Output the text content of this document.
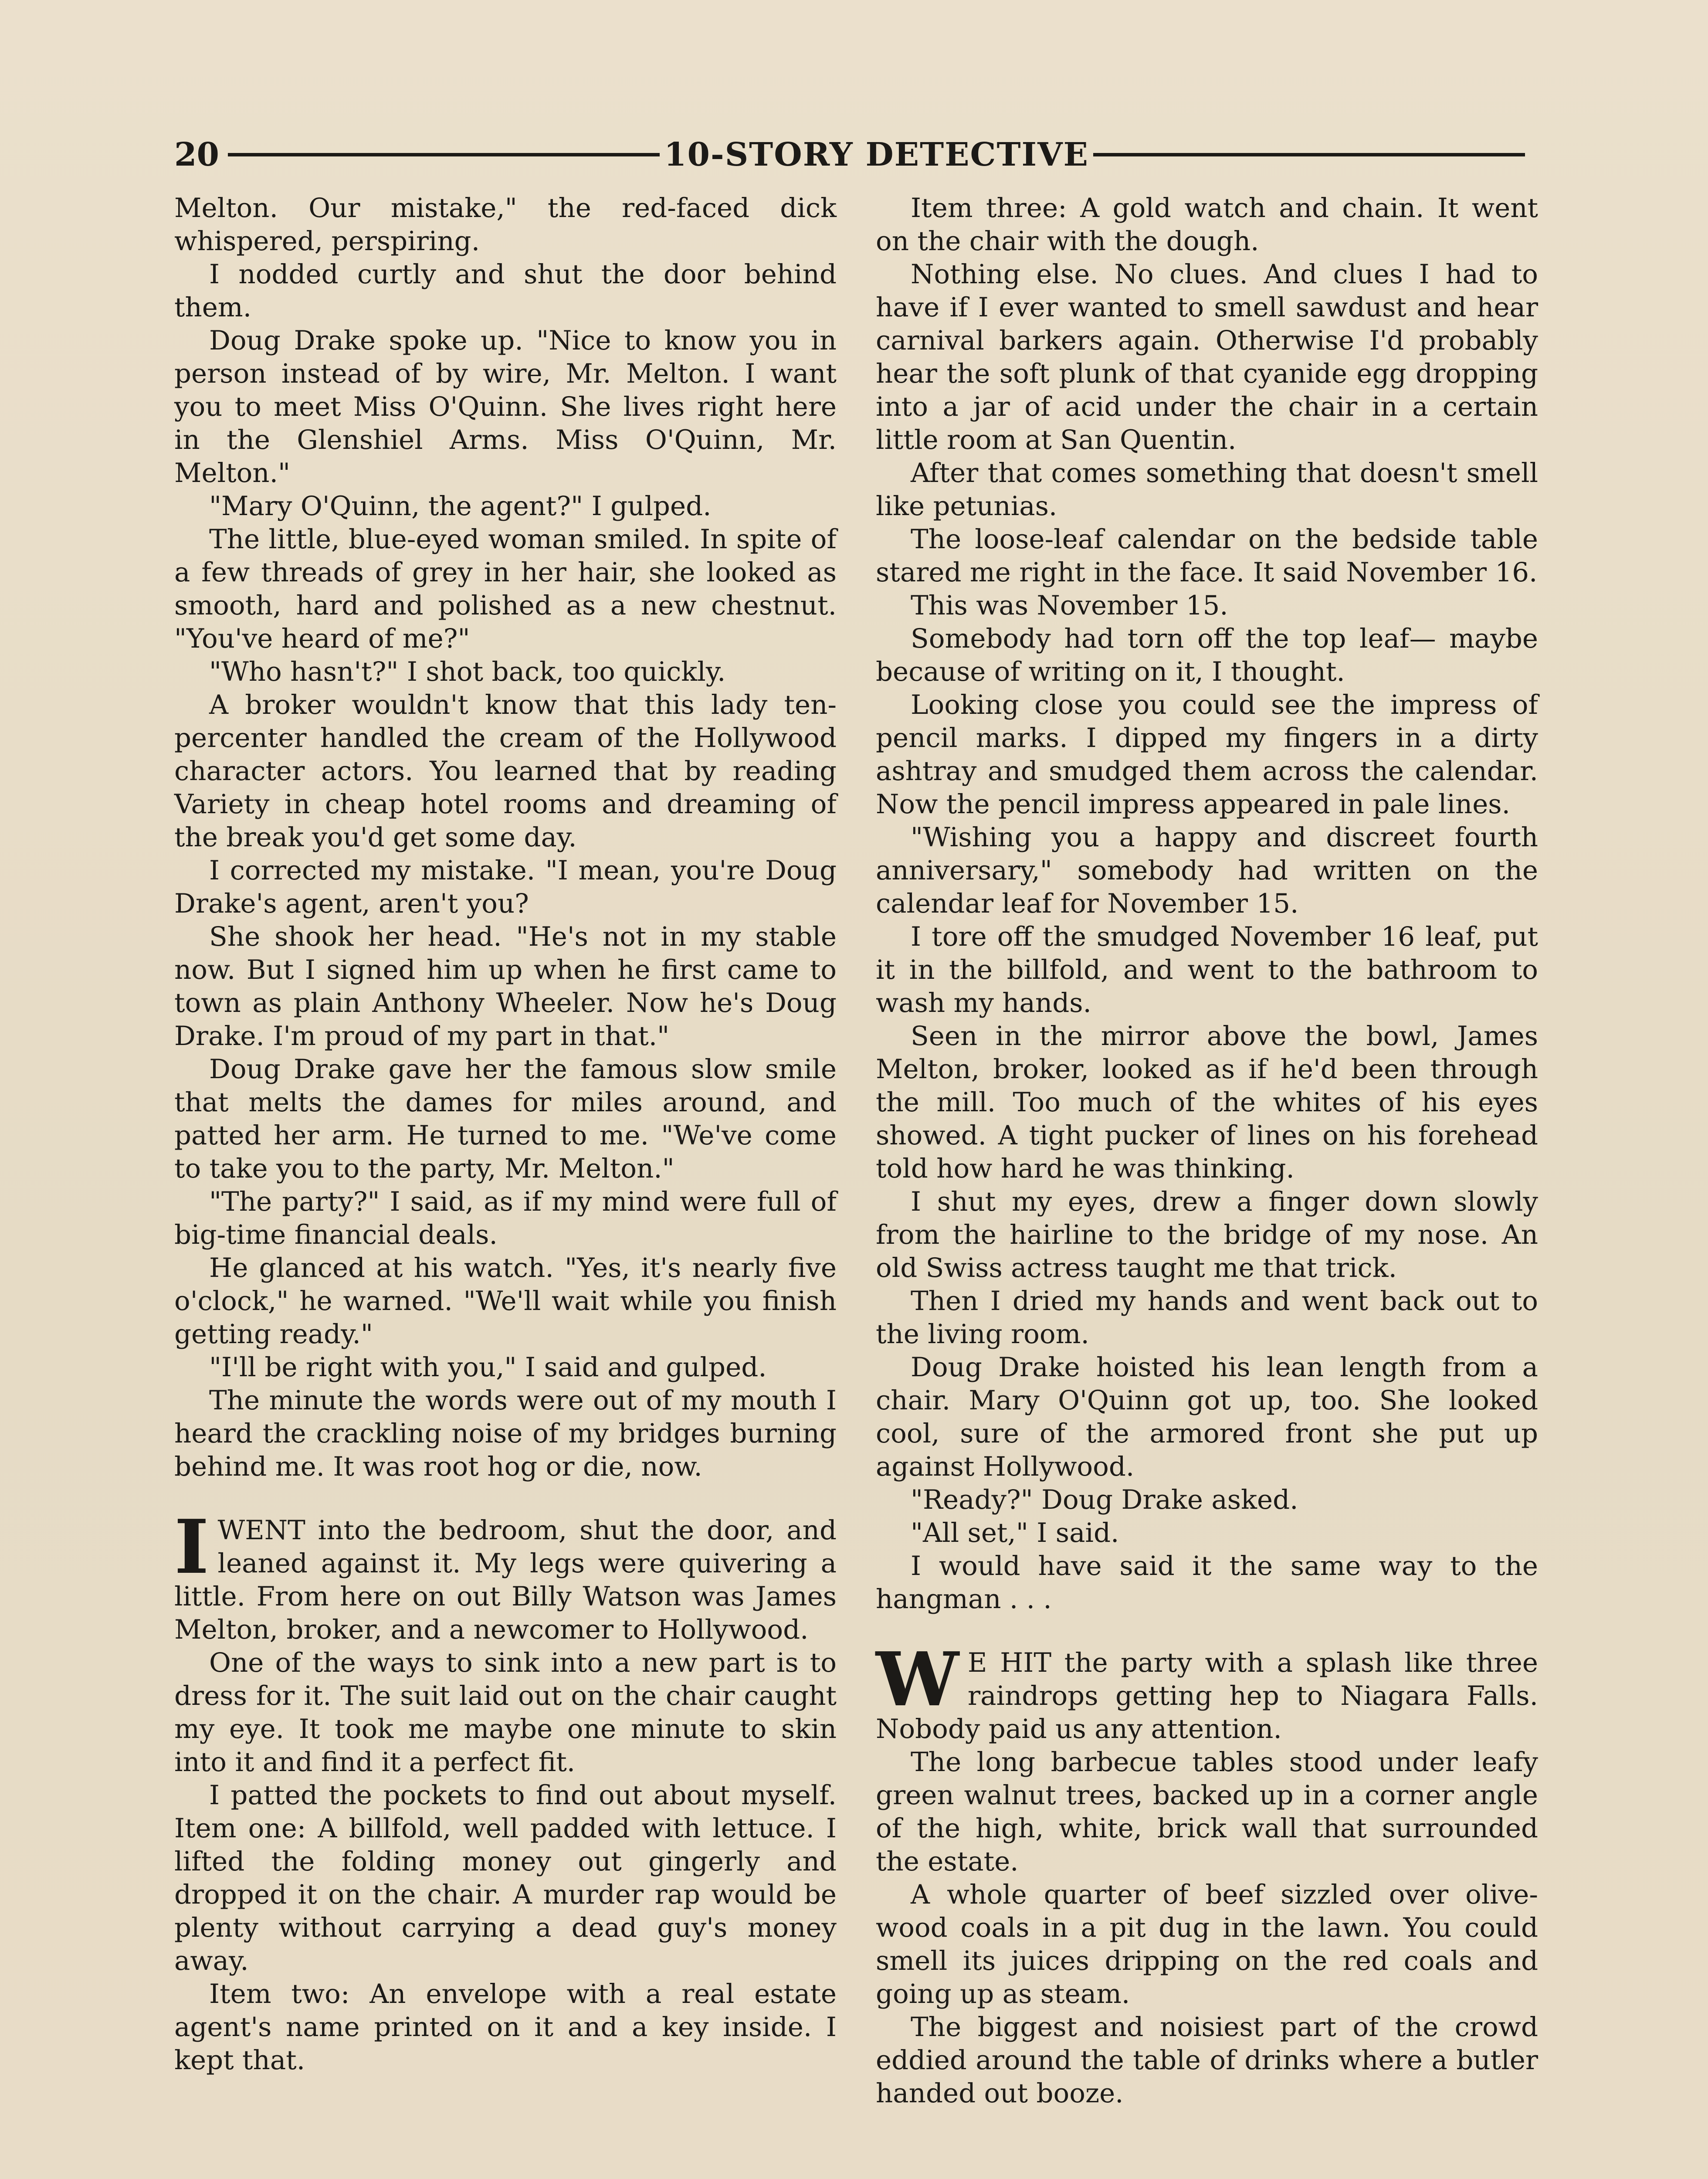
20	10-STORY DETECTIVE

Melton. Our mistake," the red-faced dick whispered, perspiring.

I nodded curtly and shut the door behind them.

Doug Drake spoke up. "Nice to know you in person instead of by wire, Mr. Melton. I want you to meet Miss O'Quinn. She lives right here in the Glenshiel Arms. Miss O'Quinn, Mr. Melton."

"Mary O'Quinn, the agent?" I gulped.

The little, blue-eyed woman smiled. In spite of a few threads of grey in her hair, she looked as smooth, hard and polished as a new chestnut. "You've heard of me?"

"Who hasn't?" I shot back, too quickly.

A broker wouldn't know that this lady ten-percenter handled the cream of the Hollywood character actors. You learned that by reading Variety in cheap hotel rooms and dreaming of the break you'd get some day.

I corrected my mistake. "I mean, you're Doug Drake's agent, aren't you?

She shook her head. "He's not in my stable now. But I signed him up when he first came to town as plain Anthony Wheeler. Now he's Doug Drake. I'm proud of my part in that."

Doug Drake gave her the famous slow smile that melts the dames for miles around, and patted her arm. He turned to me. "We've come to take you to the party, Mr. Melton."

"The party?" I said, as if my mind were full of big-time financial deals.

He glanced at his watch. "Yes, it's nearly five o'clock," he warned. "We'll wait while you finish getting ready."

"I'll be right with you," I said and gulped.

The minute the words were out of my mouth I heard the crackling noise of my bridges burning behind me. It was root hog or die, now.

IWENT into the bedroom, shut the door, and leaned against it. My legs were quivering a little. From here on out Billy Watson was James Melton, broker, and a newcomer to Hollywood.

One of the ways to sink into a new part is to dress for it. The suit laid out on the chair caught my eye. It took me maybe one minute to skin into it and find it a perfect fit.

I patted the pockets to find out about myself. Item one: A billfold, well padded with lettuce. I lifted the folding money out gingerly and dropped it on the chair. A murder rap would be plenty without carrying a dead guy's money away.

Item two: An envelope with a real estate agent's name printed on it and a key inside. I kept that.

Item three: A gold watch and chain. It went on the chair with the dough.

Nothing else. No clues. And clues I had to have if I ever wanted to smell sawdust and hear carnival barkers again. Otherwise I'd probably hear the soft plunk of that cyanide egg dropping into a jar of acid under the chair in a certain little room at San Quentin.

After that comes something that doesn't smell like petunias.

The loose-leaf calendar on the bedside table stared me right in the face. It said November 16.

This was November 15.

Somebody had torn off the top leaf— maybe because of writing on it, I thought.

Looking close you could see the impress of pencil marks. I dipped my fingers in a dirty ashtray and smudged them across the calendar. Now the pencil impress appeared in pale lines.

"Wishing you a happy and discreet fourth anniversary," somebody had written on the calendar leaf for November 15.

I tore off the smudged November 16 leaf, put it in the billfold, and went to the bathroom to wash my hands.

Seen in the mirror above the bowl, James Melton, broker, looked as if he'd been through the mill. Too much of the whites of his eyes showed. A tight pucker of lines on his forehead told how hard he was thinking.

I shut my eyes, drew a finger down slowly from the hairline to the bridge of my nose. An old Swiss actress taught me that trick.

Then I dried my hands and went back out to the living room.

Doug Drake hoisted his lean length from a chair. Mary O'Quinn got up, too. She looked cool, sure of the armored front she put up against Hollywood.

"Ready?" Doug Drake asked.

"All set," I said.

I would have said it the same way to the hangman . . .

W E HIT the party with a splash like three raindrops getting hep to Niagara Falls. Nobody paid us any attention.

The long barbecue tables stood under leafy green walnut trees, backed up in a corner angle of the high, white, brick wall that surrounded the estate.

A whole quarter of beef sizzled over olive-wood coals in a pit dug in the lawn. You could smell its juices dripping on the red coals and going up as steam.

The biggest and noisiest part of the crowd eddied around the table of drinks where a butler handed out booze.
